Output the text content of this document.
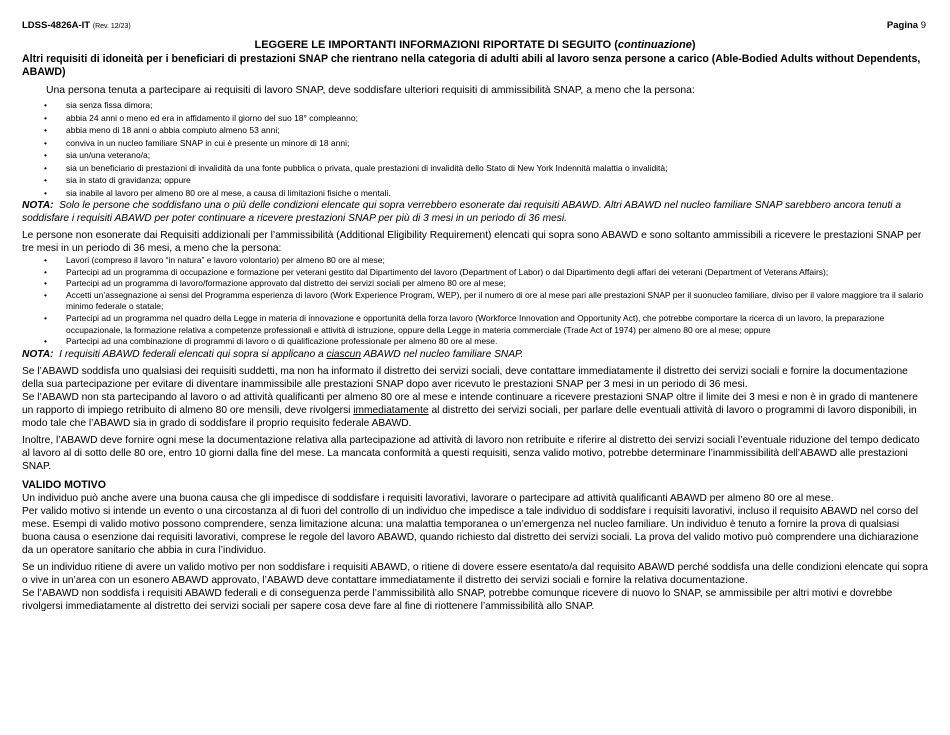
LDSS-4826A-IT (Rev. 12/23)	Pagina 9
LEGGERE LE IMPORTANTI INFORMAZIONI RIPORTATE DI SEGUITO (continuazione)
Altri requisiti di idoneità per i beneficiari di prestazioni SNAP che rientrano nella categoria di adulti abili al lavoro senza persone a carico (Able-Bodied Adults without Dependents, ABAWD)
Una persona tenuta a partecipare ai requisiti di lavoro SNAP, deve soddisfare ulteriori requisiti di ammissibilità SNAP, a meno che la persona:
• sia senza fissa dimora;
• abbia 24 anni o meno ed era in affidamento il giorno del suo 18° compleanno;
• abbia meno di 18 anni o abbia compiuto almeno 53 anni;
• conviva in un nucleo familiare SNAP in cui è presente un minore di 18 anni;
• sia un/una veterano/a;
• sia un beneficiario di prestazioni di invalidità da una fonte pubblica o privata, quale prestazioni di invalidità dello Stato di New York Indennità malattia o invalidità;
• sia in stato di gravidanza; oppure
• sia inabile al lavoro per almeno 80 ore al mese, a causa di limitazioni fisiche o mentali.
NOTA: Solo le persone che soddisfano una o più delle condizioni elencate qui sopra verrebbero esonerate dai requisiti ABAWD. Altri ABAWD nel nucleo familiare SNAP sarebbero ancora tenuti a soddisfare i requisiti ABAWD per poter continuare a ricevere prestazioni SNAP per più di 3 mesi in un periodo di 36 mesi.

Le persone non esonerate dai Requisiti addizionali per l’ammissibilità (Additional Eligibility Requirement) elencati qui sopra sono ABAWD e sono soltanto ammissibili a ricevere le prestazioni SNAP per tre mesi in un periodo di 36 mesi, a meno che la persona:

• Lavori (compreso il lavoro “in natura” e lavoro volontario) per almeno 80 ore al mese;
• Partecipi ad un programma di occupazione e formazione per veterani gestito dal Dipartimento del lavoro (Department of Labor) o dal Dipartimento degli affari dei veterani (Department of Veterans Affairs);
• Partecipi ad un programma di lavoro/formazione approvato dal distretto dei servizi sociali per almeno 80 ore al mese;
• Accetti un’assegnazione ai sensi del Programma esperienza di lavoro (Work Experience Program, WEP), per il numero di ore al mese pari alle prestazioni SNAP per il suonucleo familiare, diviso per il valore maggiore tra il salario minimo federale o statale;
• Partecipi ad un programma nel quadro della Legge in materia di innovazione e opportunità della forza lavoro (Workforce Innovation and Opportunity Act), che potrebbe comportare la ricerca di un lavoro, la preparazione occupazionale, la formazione relativa a competenze professionali e attività di istruzione, oppure della Legge in materia commerciale (Trade Act of 1974) per almeno 80 ore al mese; oppure
• Partecipi ad una combinazione di programmi di lavoro o di qualificazione professionale per almeno 80 ore al mese.
NOTA: I requisiti ABAWD federali elencati qui sopra si applicano a ciascun ABAWD nel nucleo familiare SNAP.

Se l’ABAWD soddisfa uno qualsiasi dei requisiti suddetti, ma non ha informato il distretto dei servizi sociali, deve contattare immediatamente il distretto dei servizi sociali e fornire la documentazione della sua partecipazione per evitare di diventare inammissibile alle prestazioni SNAP dopo aver ricevuto le prestazioni SNAP per 3 mesi in un periodo di 36 mesi.

Se l’ABAWD non sta partecipando al lavoro o ad attività qualificanti per almeno 80 ore al mese e intende continuare a ricevere prestazioni SNAP oltre il limite dei 3 mesi e non è in grado di mantenere un rapporto di impiego retribuito di almeno 80 ore mensili, deve rivolgersi immediatamente al distretto dei servizi sociali, per parlare delle eventuali attività di lavoro o programmi di lavoro disponibili, in modo tale che l’ABAWD sia in grado di soddisfare il proprio requisito federale ABAWD.

Inoltre, l’ABAWD deve fornire ogni mese la documentazione relativa alla partecipazione ad attività di lavoro non retribuite e riferire al distretto dei servizi sociali l’eventuale riduzione del tempo dedicato al lavoro al di sotto delle 80 ore, entro 10 giorni dalla fine del mese. La mancata conformità a questi requisiti, senza valido motivo, potrebbe determinare l’inammissibilità dell’ABAWD alle prestazioni SNAP.

VALIDO MOTIVO

Un individuo può anche avere una buona causa che gli impedisce di soddisfare i requisiti lavorativi, lavorare o partecipare ad attività qualificanti ABAWD per almeno 80 ore al mese.

Per valido motivo si intende un evento o una circostanza al di fuori del controllo di un individuo che impedisce a tale individuo di soddisfare i requisiti lavorativi, incluso il requisito ABAWD nel corso del mese. Esempi di valido motivo possono comprendere, senza limitazione alcuna: una malattia temporanea o un’emergenza nel nucleo familiare. Un individuo è tenuto a fornire la prova di qualsiasi buona causa o esenzione dai requisiti lavorativi, comprese le regole del lavoro ABAWD, quando richiesto dal distretto dei servizi sociali. La prova del valido motivo può comprendere una dichiarazione da un operatore sanitario che abbia in cura l’individuo.

Se un individuo ritiene di avere un valido motivo per non soddisfare i requisiti ABAWD, o ritiene di dovere essere esentato/a dal requisito ABAWD perché soddisfa una delle condizioni elencate qui sopra o vive in un’area con un esonero ABAWD approvato, l’ABAWD deve contattare immediatamente il distretto dei servizi sociali e fornire la relativa documentazione.

Se l’ABAWD non soddisfa i requisiti ABAWD federali e di conseguenza perde l’ammissibilità allo SNAP, potrebbe comunque ricevere di nuovo lo SNAP, se ammissibile per altri motivi e dovrebbe rivolgersi immediatamente al distretto dei servizi sociali per sapere cosa deve fare al fine di riottenere l’ammissibilità allo SNAP.
